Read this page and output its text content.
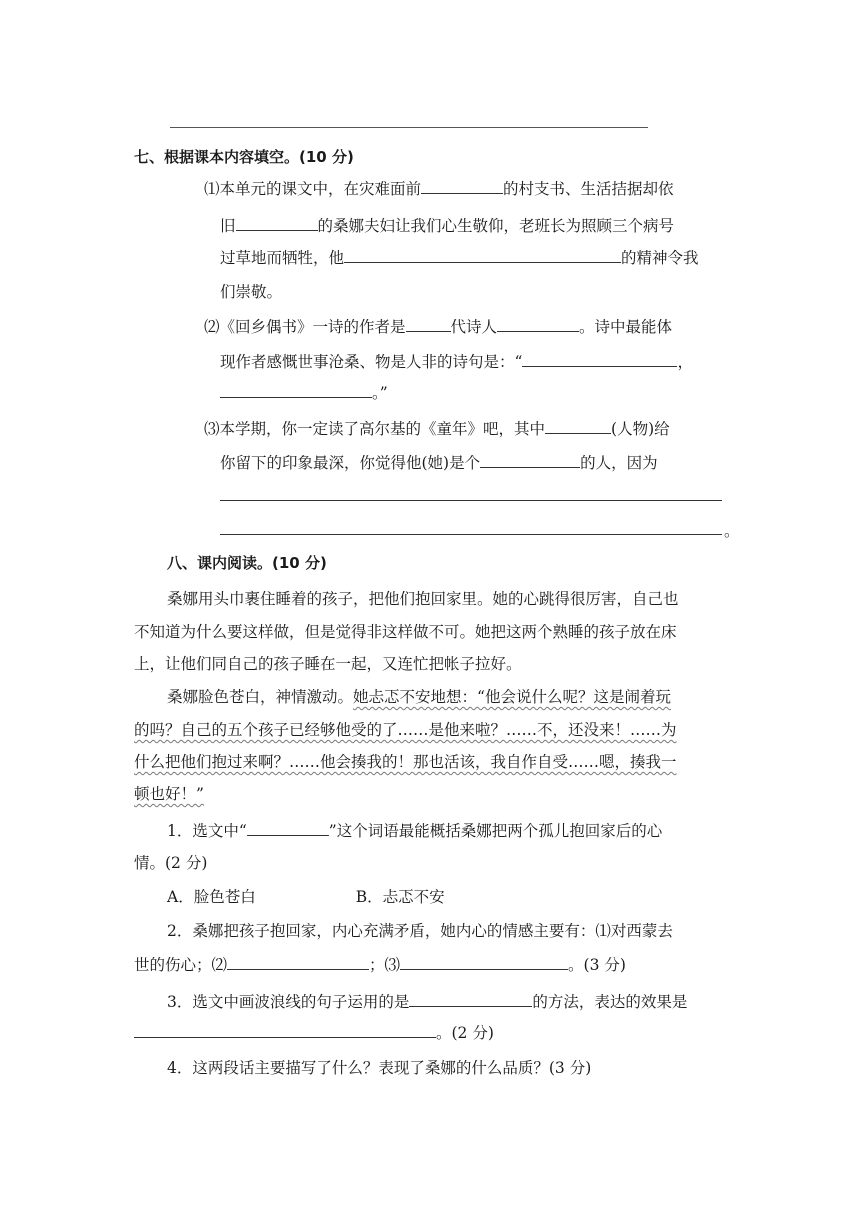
七、根据课本内容填空。(10 分)
⑴本单元的课文中，在灾难面前	的村支书、生活拮据却依
旧	的桑娜夫妇让我们心生敬仰，老班长为照顾三个病号
过草地而牺牲，他	的精神令我
们崇敬。
⑵《回乡偶书》一诗的作者是	代诗人	。诗中最能体
现作者感慨世事沧桑、物是人非的诗句是：“	，
。”
⑶本学期，你一定读了高尔基的《童年》吧，其中	(人物)给
你留下的印象最深，你觉得他(她)是个	的人，因为
。
八、课内阅读。(10 分)
桑娜用头巾裹住睡着的孩子，把他们抱回家里。她的心跳得很厉害，自己也
不知道为什么要这样做，但是觉得非这样做不可。她把这两个熟睡的孩子放在床
上，让他们同自己的孩子睡在一起，又连忙把帐子拉好。
桑娜脸色苍白，神情激动。她忐忑不安地想：“他会说什么呢？这是闹着玩
的吗？自己的五个孩子已经够他受的了……是他来啦？……不，还没来！……为
什么把他们抱过来啊？……他会揍我的！那也活该，我自作自受……嗯，揍我一
顿也好！”
1．选文中“	”这个词语最能概括桑娜把两个孤儿抱回家后的心
情。(2 分)
A．脸色苍白	B．忐忑不安
2．桑娜把孩子抱回家，内心充满矛盾，她内心的情感主要有：⑴对西蒙去
世的伤心；⑵	；⑶	。(3 分)
3．选文中画波浪线的句子运用的是	的方法，表达的效果是
。(2 分)
4．这两段话主要描写了什么？表现了桑娜的什么品质？(3 分)
